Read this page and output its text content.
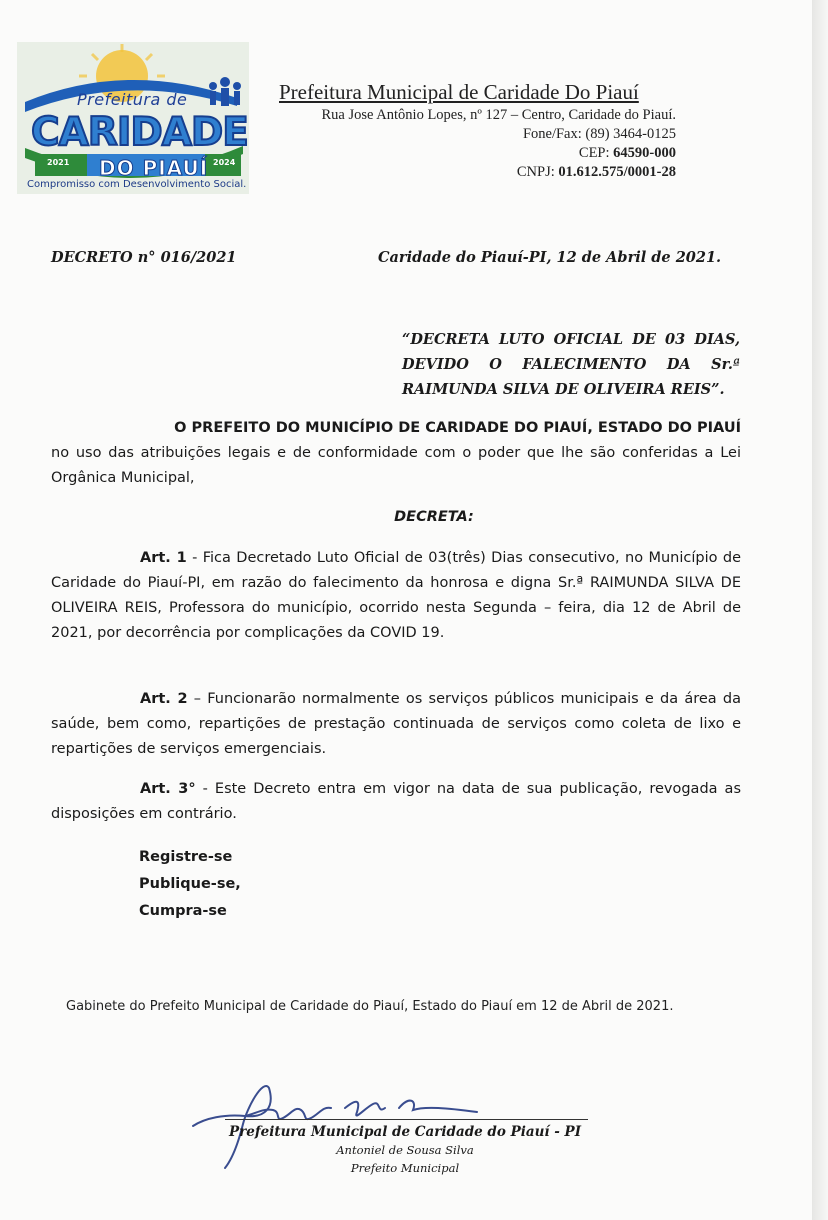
Prefeitura de
CARIDADE
2021 DO PIAUÍ 2024
Compromisso com Desenvolvimento Social.
Prefeitura Municipal de Caridade Do Piauí
Rua Jose Antônio Lopes, nº 127 – Centro, Caridade do Piauí.
Fone/Fax: (89) 3464-0125
CEP: 64590-000
CNPJ: 01.612.575/0001-28
DECRETO n° 016/2021	Caridade do Piauí-PI, 12 de Abril de 2021.
“DECRETA LUTO OFICIAL DE 03 DIAS, DEVIDO O FALECIMENTO DA Sr.ª RAIMUNDA SILVA DE OLIVEIRA REIS”.
O PREFEITO DO MUNICÍPIO DE CARIDADE DO PIAUÍ, ESTADO DO PIAUÍ
no uso das atribuições legais e de conformidade com o poder que lhe são conferidas a Lei Orgânica Municipal,
DECRETA:
Art. 1 - Fica Decretado Luto Oficial de 03(três) Dias consecutivo, no Município de Caridade do Piauí-PI, em razão do falecimento da honrosa e digna Sr.ª RAIMUNDA SILVA DE OLIVEIRA REIS, Professora do município, ocorrido nesta Segunda – feira, dia 12 de Abril de 2021, por decorrência por complicações da COVID 19.
Art. 2 – Funcionarão normalmente os serviços públicos municipais e da área da saúde, bem como, repartições de prestação continuada de serviços como coleta de lixo e repartições de serviços emergenciais.
Art. 3° - Este Decreto entra em vigor na data de sua publicação, revogada as disposições em contrário.
Registre-se
Publique-se,
Cumpra-se
Gabinete do Prefeito Municipal de Caridade do Piauí, Estado do Piauí em 12 de Abril de 2021.
Prefeitura Municipal de Caridade do Piauí - PI
Antoniel de Sousa Silva
Prefeito Municipal
